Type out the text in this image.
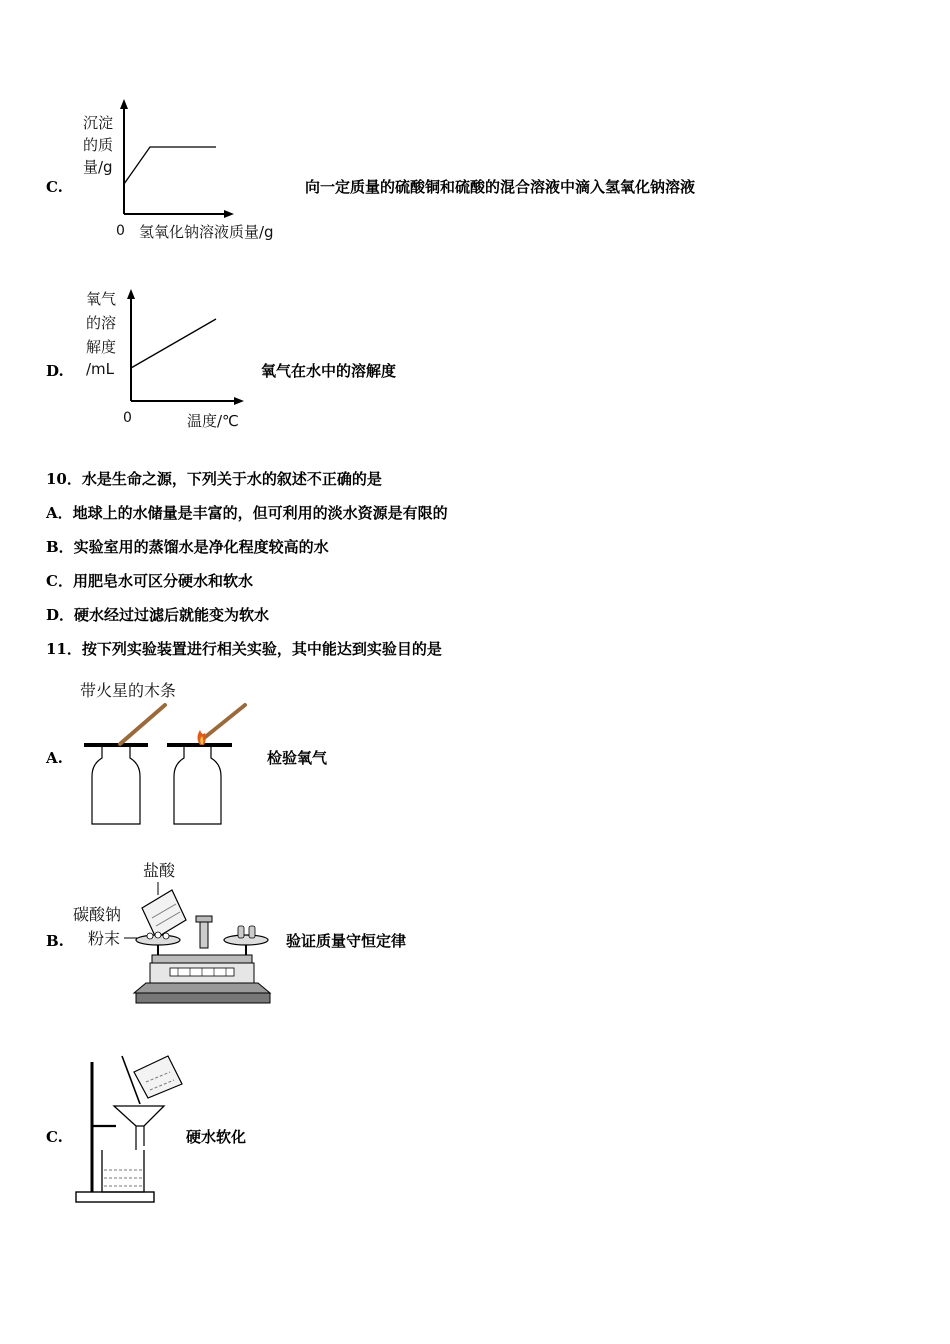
C.
沉淀
的质
量/g
0 氢氧化钠溶液质量/g
向一定质量的硫酸铜和硫酸的混合溶液中滴入氢氧化钠溶液
D.
氧气
的溶
解度
/mL
0	温度/℃
氧气在水中的溶解度
10．水是生命之源，下列关于水的叙述不正确的是
A．地球上的水储量是丰富的，但可利用的淡水资源是有限的
B．实验室用的蒸馏水是净化程度较高的水
C．用肥皂水可区分硬水和软水
D．硬水经过过滤后就能变为软水
11．按下列实验装置进行相关实验，其中能达到实验目的是
带火星的木条
A.	检验氧气
盐酸
碳酸钠
粉末
B.	验证质量守恒定律
C.	硬水软化
